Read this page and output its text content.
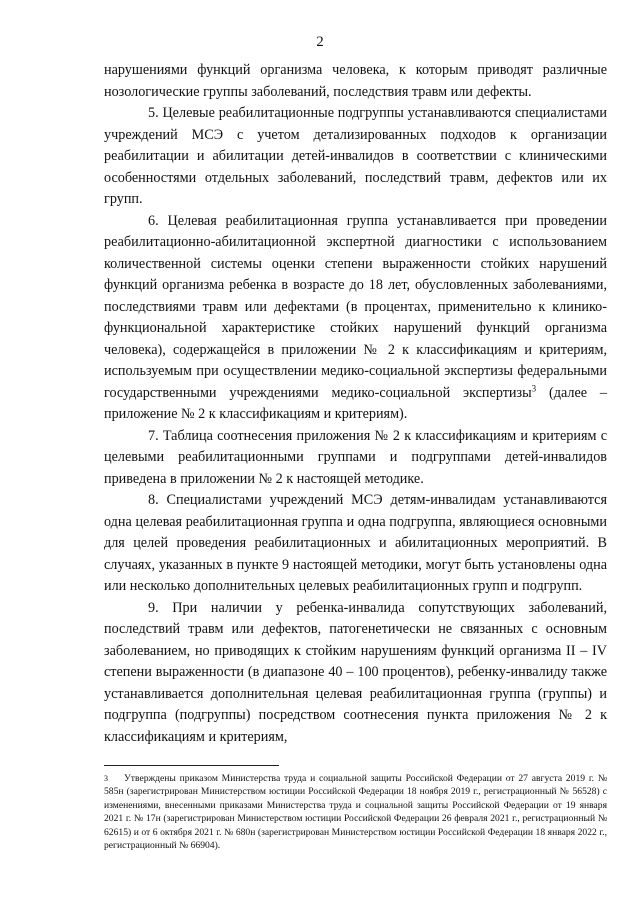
2

нарушениями функций организма человека, к которым приводят различные нозологические группы заболеваний, последствия травм или дефекты.

5. Целевые реабилитационные подгруппы устанавливаются специалистами учреждений МСЭ с учетом детализированных подходов к организации реабилитации и абилитации детей-инвалидов в соответствии с клиническими особенностями отдельных заболеваний, последствий травм, дефектов или их групп.

6. Целевая реабилитационная группа устанавливается при проведении реабилитационно-абилитационной экспертной диагностики с использованием количественной системы оценки степени выраженности стойких нарушений функций организма ребенка в возрасте до 18 лет, обусловленных заболеваниями, последствиями травм или дефектами (в процентах, применительно к клинико-функциональной характеристике стойких нарушений функций организма человека), содержащейся в приложении № 2 к классификациям и критериям, используемым при осуществлении медико-социальной экспертизы федеральными государственными учреждениями медико-социальной экспертизы$^3$ (далее – приложение № 2 к классификациям и критериям).

7. Таблица соотнесения приложения № 2 к классификациям и критериям с целевыми реабилитационными группами и подгруппами детей-инвалидов приведена в приложении № 2 к настоящей методике.

8. Специалистами учреждений МСЭ детям-инвалидам устанавливаются одна целевая реабилитационная группа и одна подгруппа, являющиеся основными для целей проведения реабилитационных и абилитационных мероприятий. В случаях, указанных в пункте 9 настоящей методики, могут быть установлены одна или несколько дополнительных целевых реабилитационных групп и подгрупп.

9. При наличии у ребенка-инвалида сопутствующих заболеваний, последствий травм или дефектов, патогенетически не связанных с основным заболеванием, но приводящих к стойким нарушениям функций организма II – IV степени выраженности (в диапазоне 40 – 100 процентов), ребенку-инвалиду также устанавливается дополнительная целевая реабилитационная группа (группы) и подгруппа (подгруппы) посредством соотнесения пункта приложения № 2 к классификациям и критериям,

3 Утверждены приказом Министерства труда и социальной защиты Российской Федерации от 27 августа 2019 г. № 585н (зарегистрирован Министерством юстиции Российской Федерации 18 ноября 2019 г., регистрационный № 56528) с изменениями, внесенными приказами Министерства труда и социальной защиты Российской Федерации от 19 января 2021 г. № 17н (зарегистрирован Министерством юстиции Российской Федерации 26 февраля 2021 г., регистрационный № 62615) и от 6 октября 2021 г. № 680н (зарегистрирован Министерством юстиции Российской Федерации 18 января 2022 г., регистрационный № 66904).
